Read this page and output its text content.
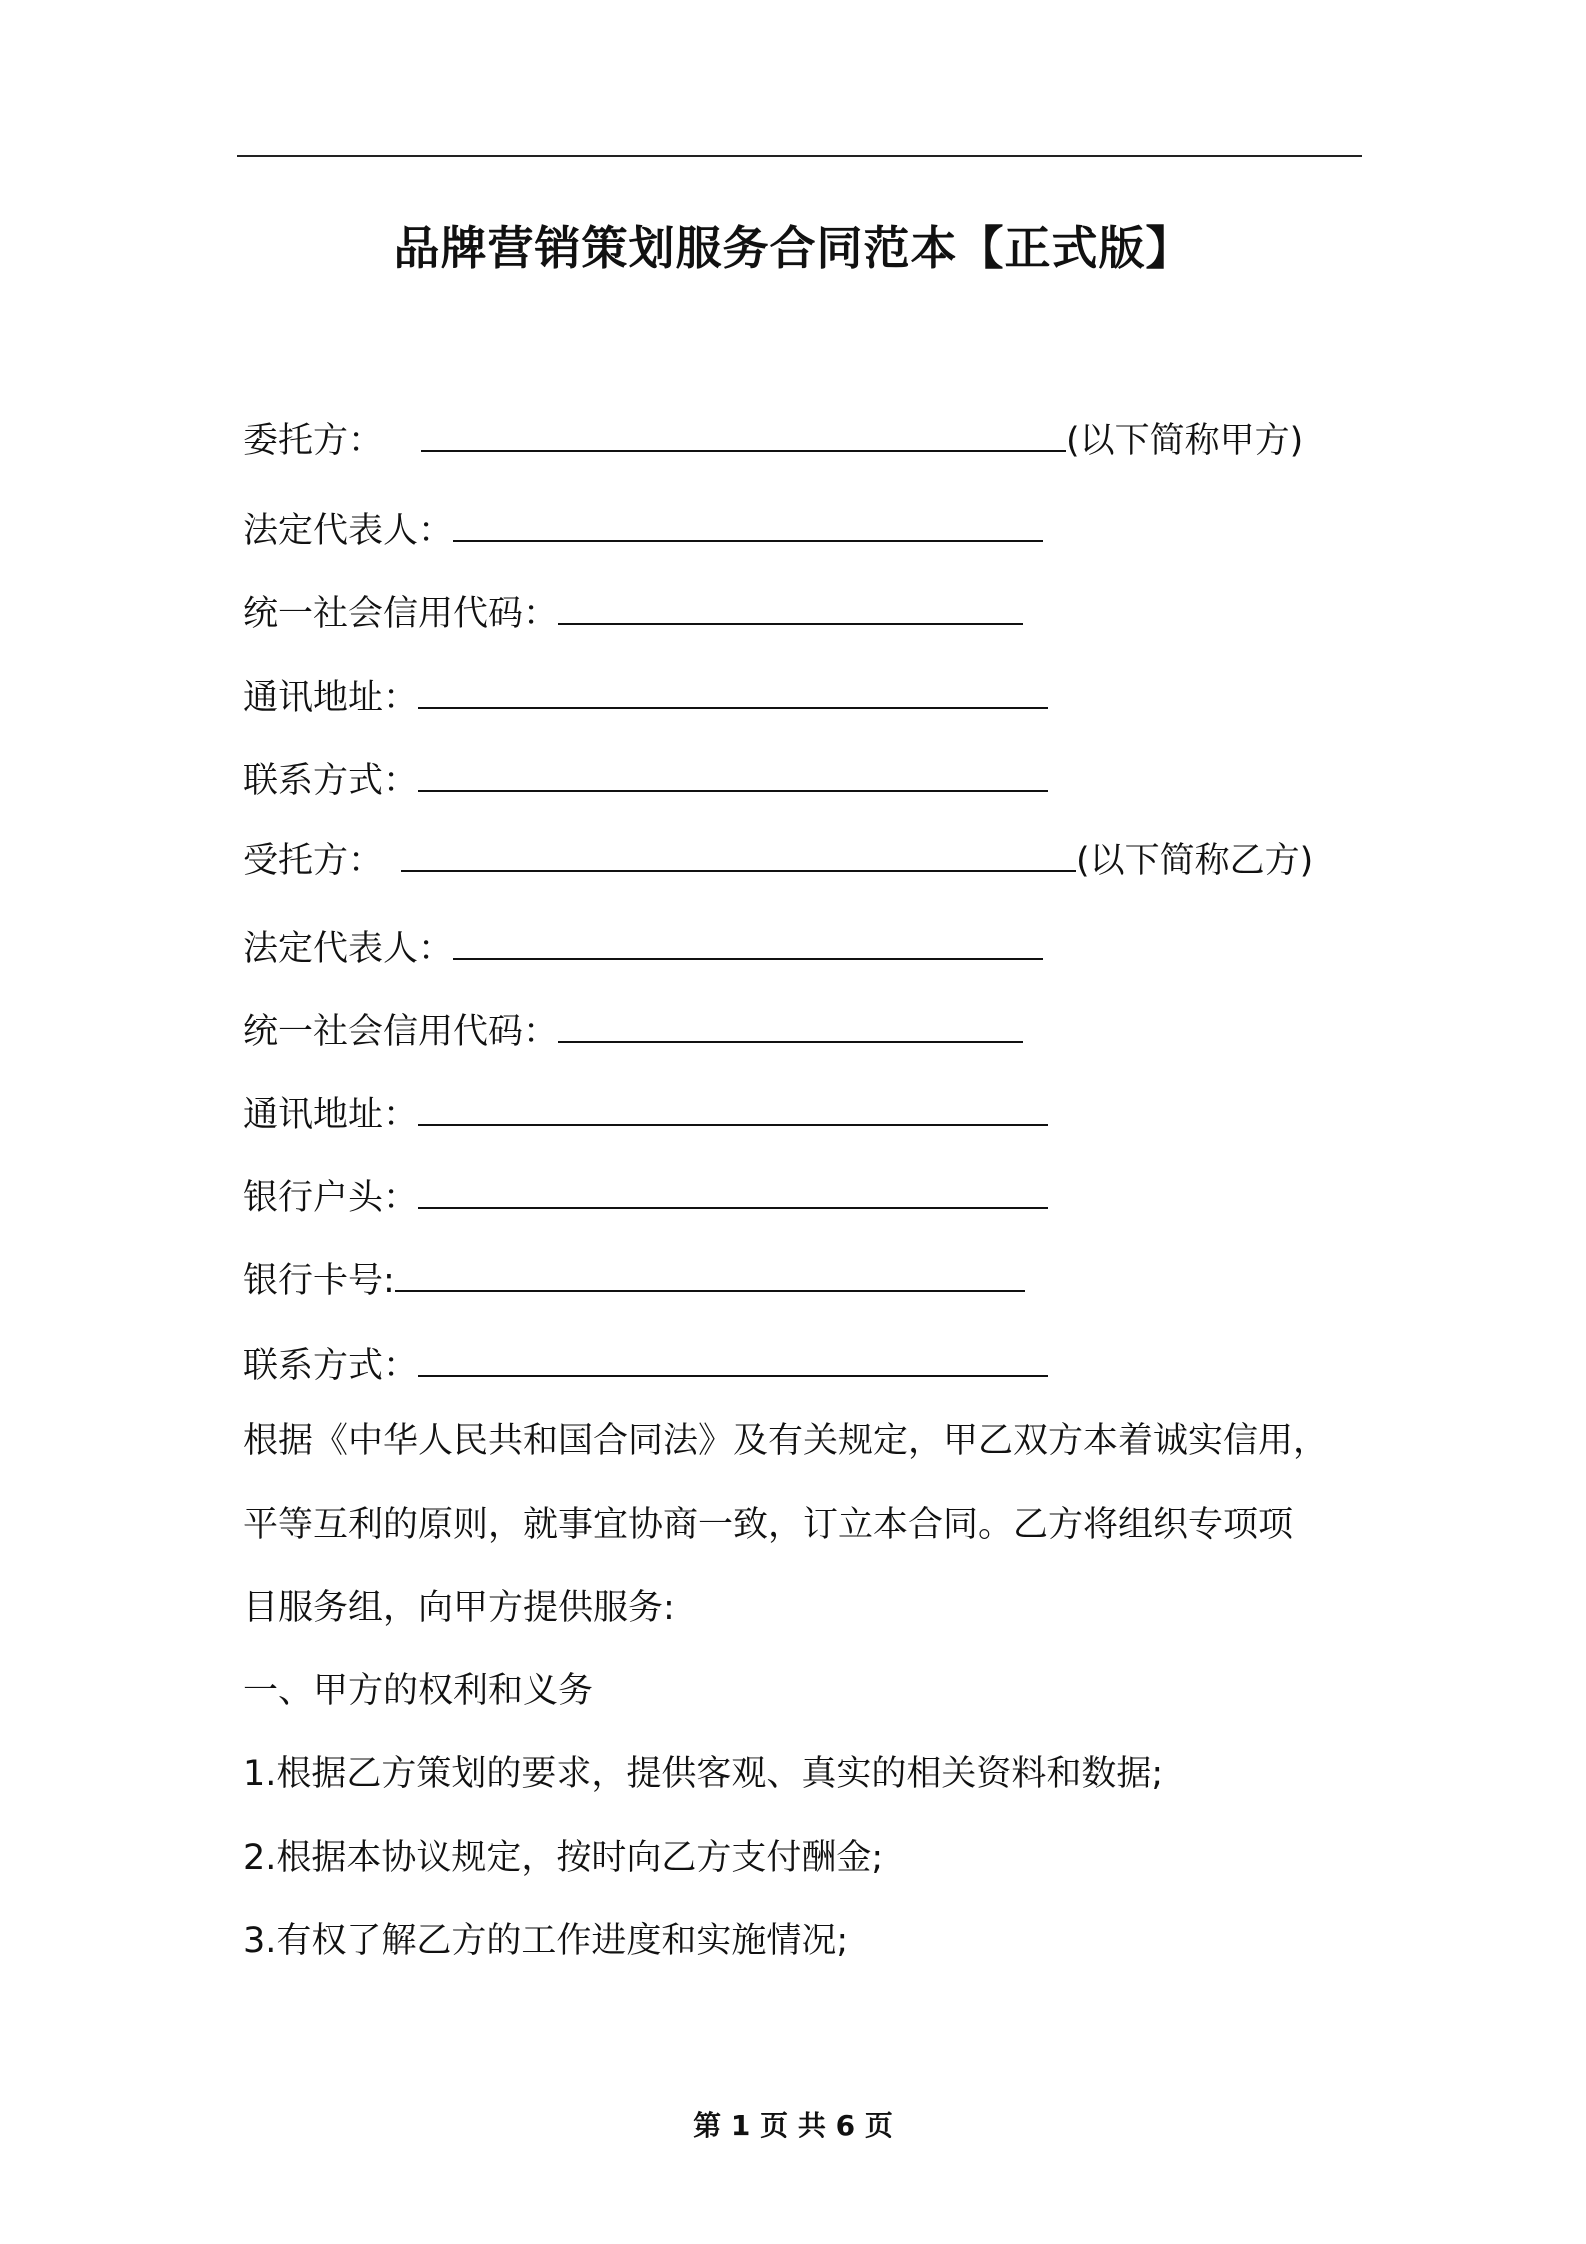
品牌营销策划服务合同范本【正式版】
委托方：	(以下简称甲方)
法定代表人：
统一社会信用代码：
通讯地址：
联系方式：
受托方：	(以下简称乙方)
法定代表人：
统一社会信用代码：
通讯地址：
银行户头：
银行卡号:
联系方式：
根据《中华人民共和国合同法》及有关规定，甲乙双方本着诚实信用，
平等互利的原则，就事宜协商一致，订立本合同。乙方将组织专项项
目服务组，向甲方提供服务:
一、甲方的权利和义务
1.根据乙方策划的要求，提供客观、真实的相关资料和数据;
2.根据本协议规定，按时向乙方支付酬金;
3.有权了解乙方的工作进度和实施情况;
第 1 页 共 6 页
